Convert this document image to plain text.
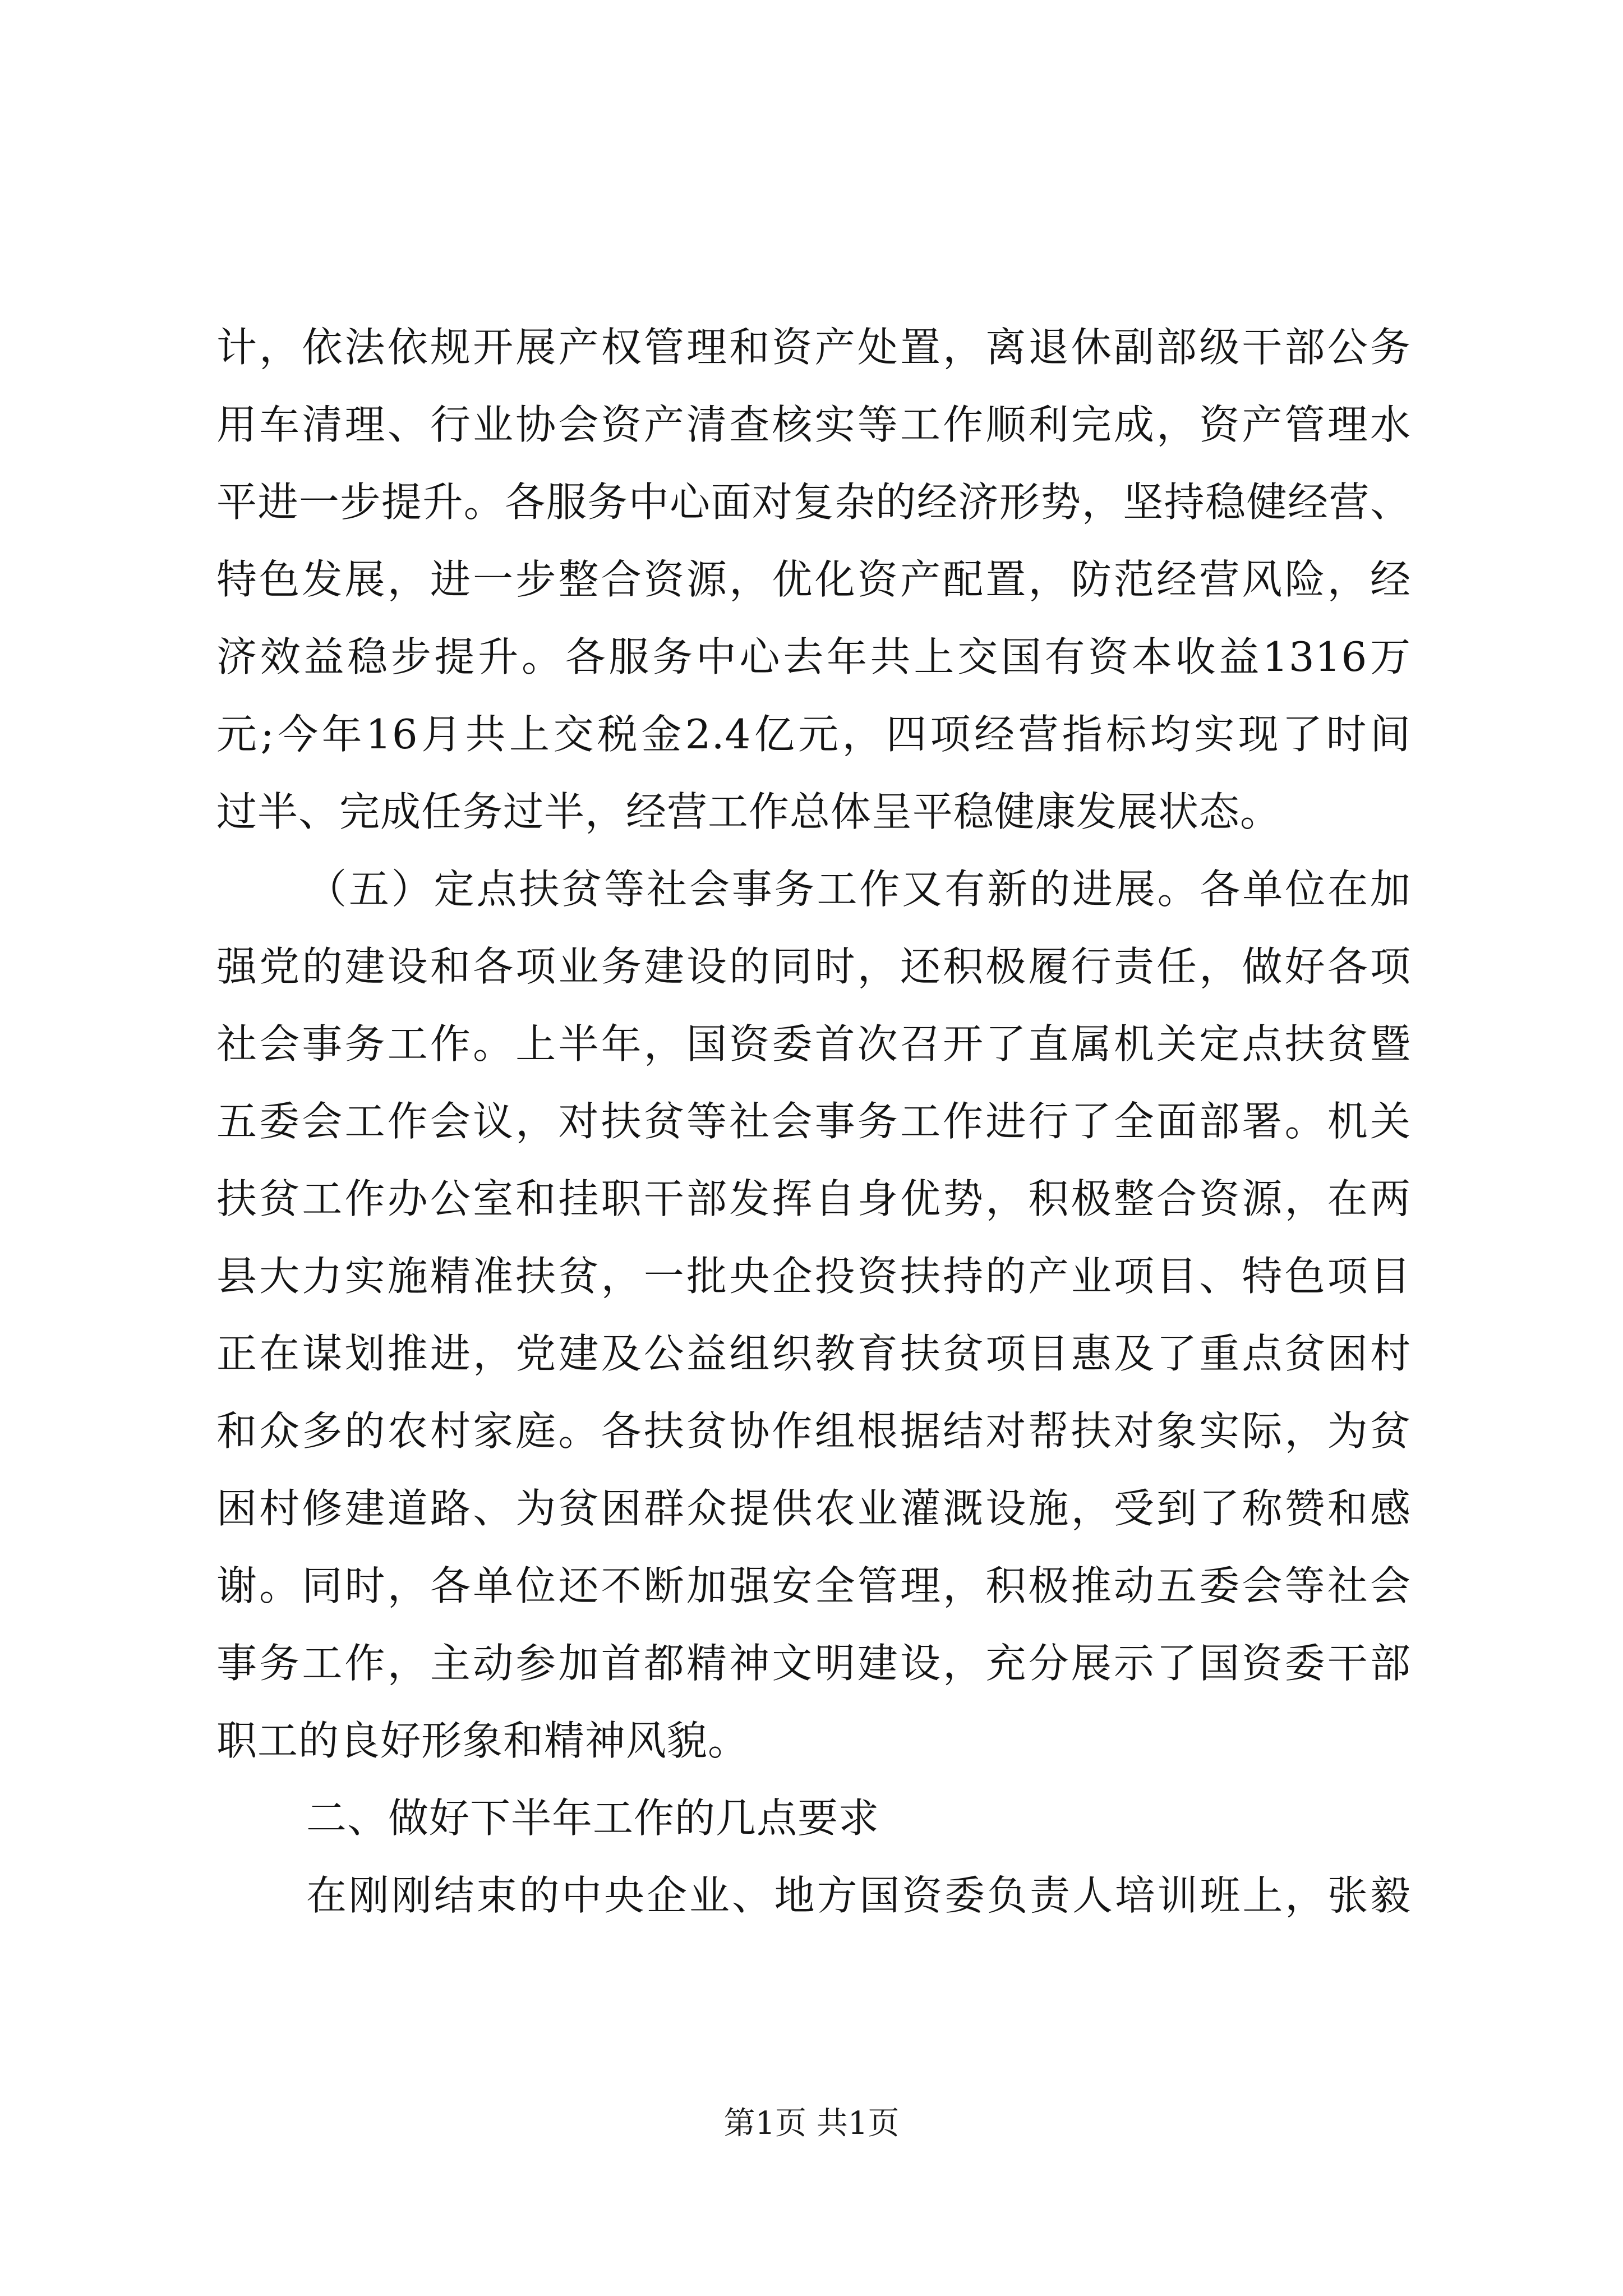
计，依法依规开展产权管理和资产处置，离退休副部级干部公务
用车清理、行业协会资产清查核实等工作顺利完成，资产管理水
平进一步提升。各服务中心面对复杂的经济形势，坚持稳健经营、
特色发展，进一步整合资源，优化资产配置，防范经营风险，经
济效益稳步提升。各服务中心去年共上交国有资本收益1316万
元;今年16月共上交税金2.4亿元，四项经营指标均实现了时间
过半、完成任务过半，经营工作总体呈平稳健康发展状态。
（五）定点扶贫等社会事务工作又有新的进展。各单位在加
强党的建设和各项业务建设的同时，还积极履行责任，做好各项
社会事务工作。上半年，国资委首次召开了直属机关定点扶贫暨
五委会工作会议，对扶贫等社会事务工作进行了全面部署。机关
扶贫工作办公室和挂职干部发挥自身优势，积极整合资源，在两
县大力实施精准扶贫，一批央企投资扶持的产业项目、特色项目
正在谋划推进，党建及公益组织教育扶贫项目惠及了重点贫困村
和众多的农村家庭。各扶贫协作组根据结对帮扶对象实际，为贫
困村修建道路、为贫困群众提供农业灌溉设施，受到了称赞和感
谢。同时，各单位还不断加强安全管理，积极推动五委会等社会
事务工作，主动参加首都精神文明建设，充分展示了国资委干部
职工的良好形象和精神风貌。
二、做好下半年工作的几点要求
在刚刚结束的中央企业、地方国资委负责人培训班上，张毅
第1页 共1页
